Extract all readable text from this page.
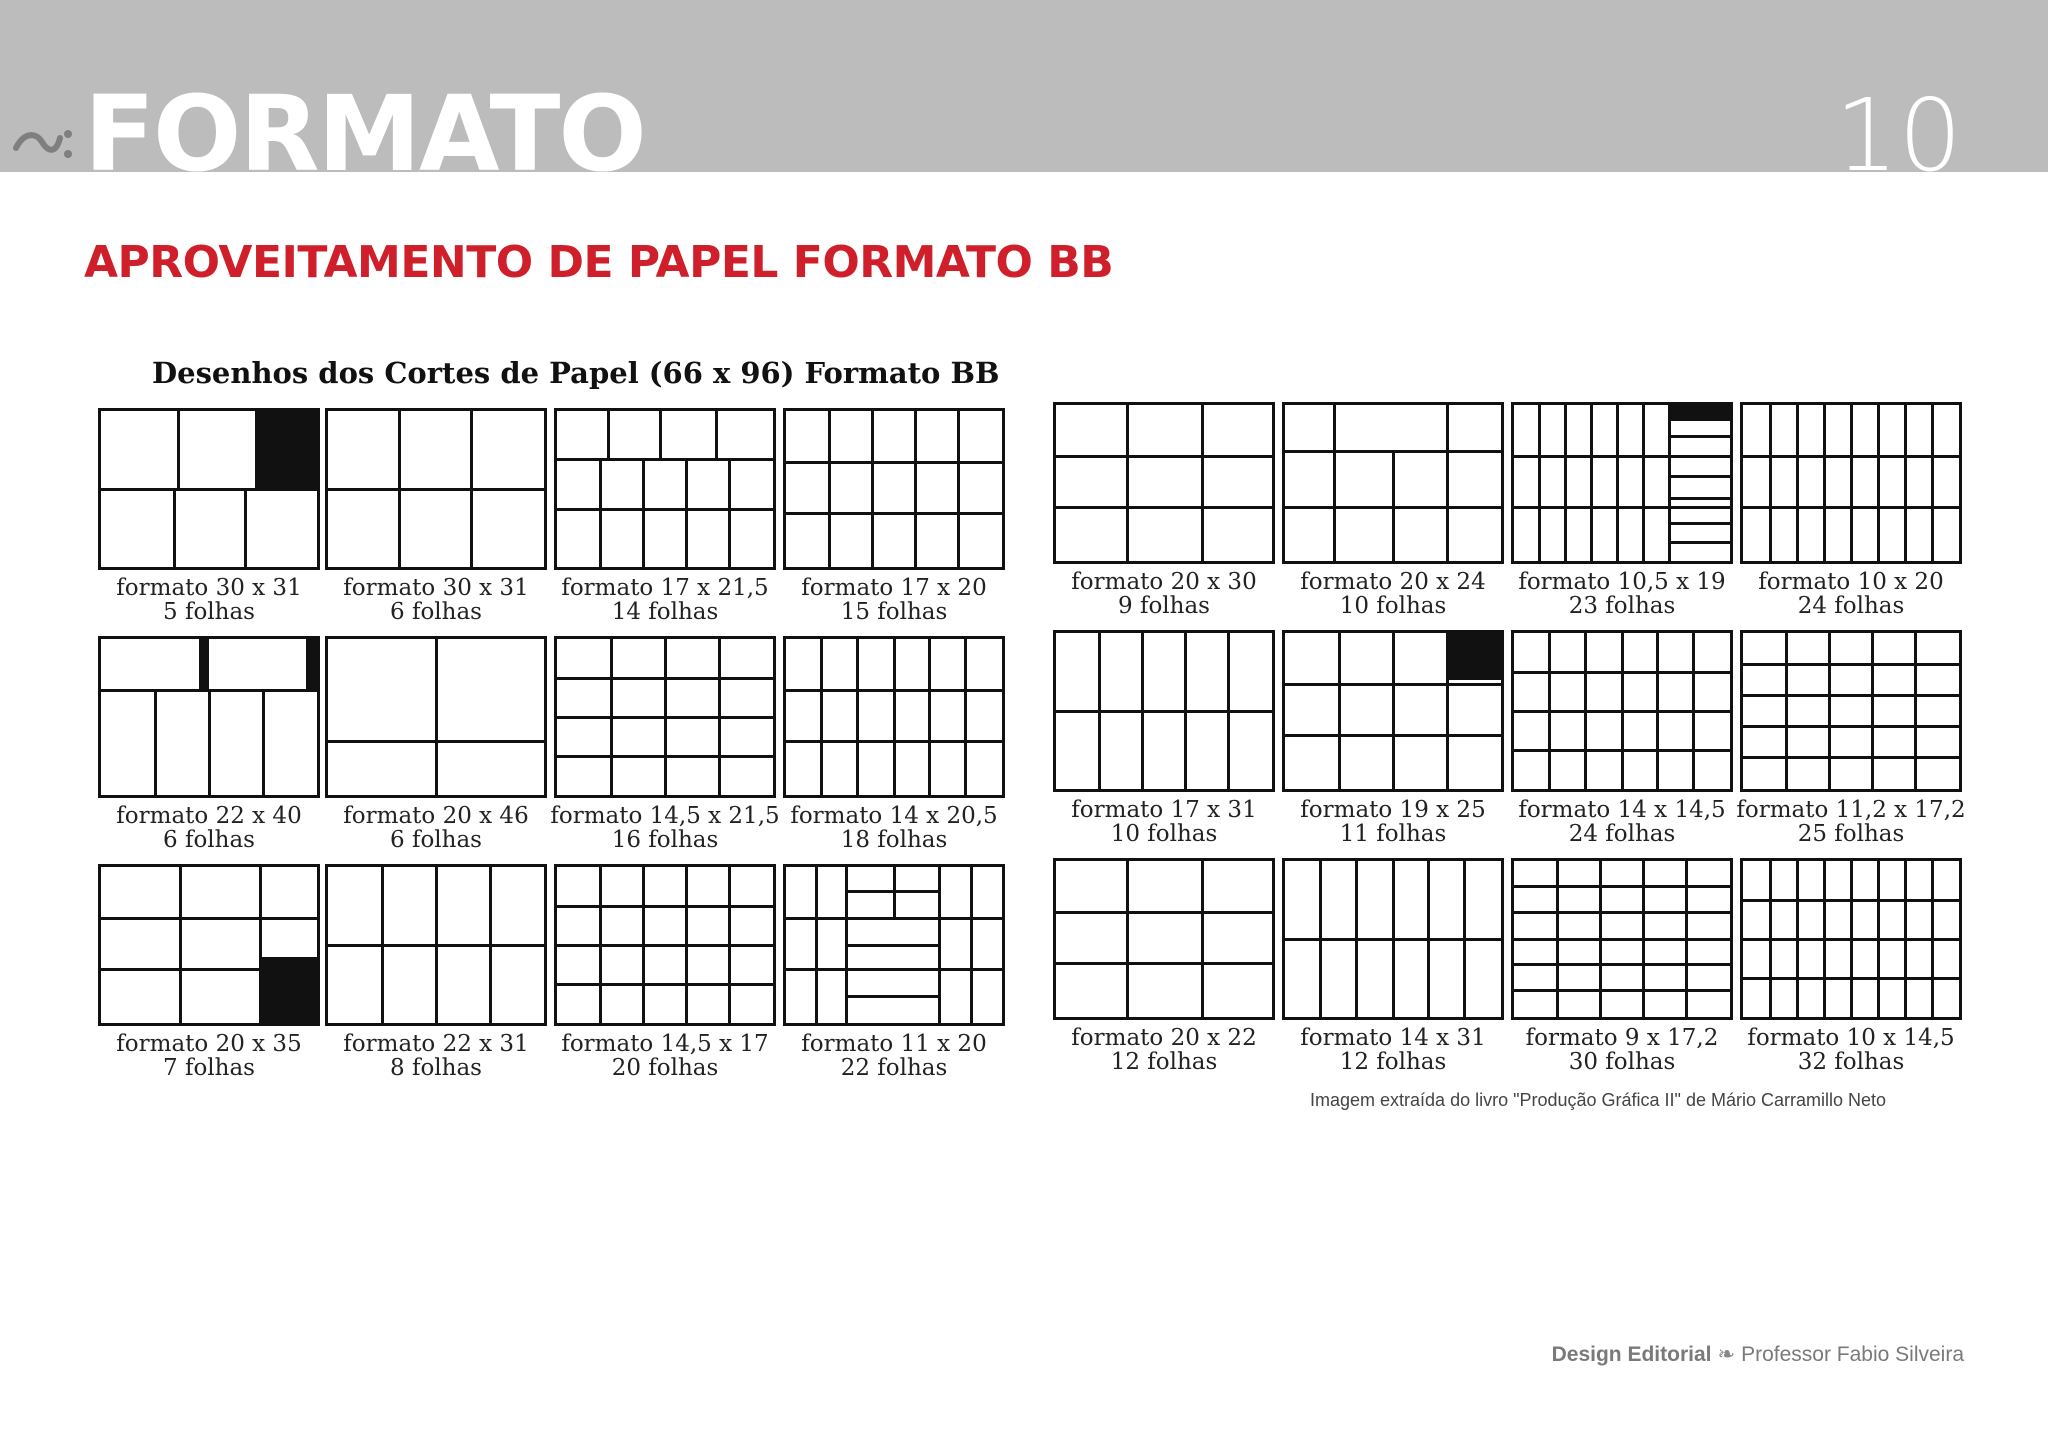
FORMATO	10
APROVEITAMENTO DE PAPEL FORMATO BB
Desenhos dos Cortes de Papel (66 x 96) Formato BB
formato 30 x 31
5 folhas
formato 30 x 31
6 folhas
formato 17 x 21,5
14 folhas
formato 17 x 20
15 folhas
formato 20 x 30
9 folhas
formato 20 x 24
10 folhas
formato 10,5 x 19
23 folhas
formato 10 x 20
24 folhas
formato 22 x 40
6 folhas
formato 20 x 46
6 folhas
formato 14,5 x 21,5
16 folhas
formato 14 x 20,5
18 folhas
formato 17 x 31
10 folhas
formato 19 x 25
11 folhas
formato 14 x 14,5
24 folhas
formato 11,2 x 17,2
25 folhas
formato 20 x 35
7 folhas
formato 22 x 31
8 folhas
formato 14,5 x 17
20 folhas
formato 11 x 20
22 folhas
formato 20 x 22
12 folhas
formato 14 x 31
12 folhas
formato 9 x 17,2
30 folhas
formato 10 x 14,5
32 folhas
Imagem extraída do livro "Produção Gráfica II" de Mário Carramillo Neto
Design Editorial ❧ Professor Fabio Silveira
